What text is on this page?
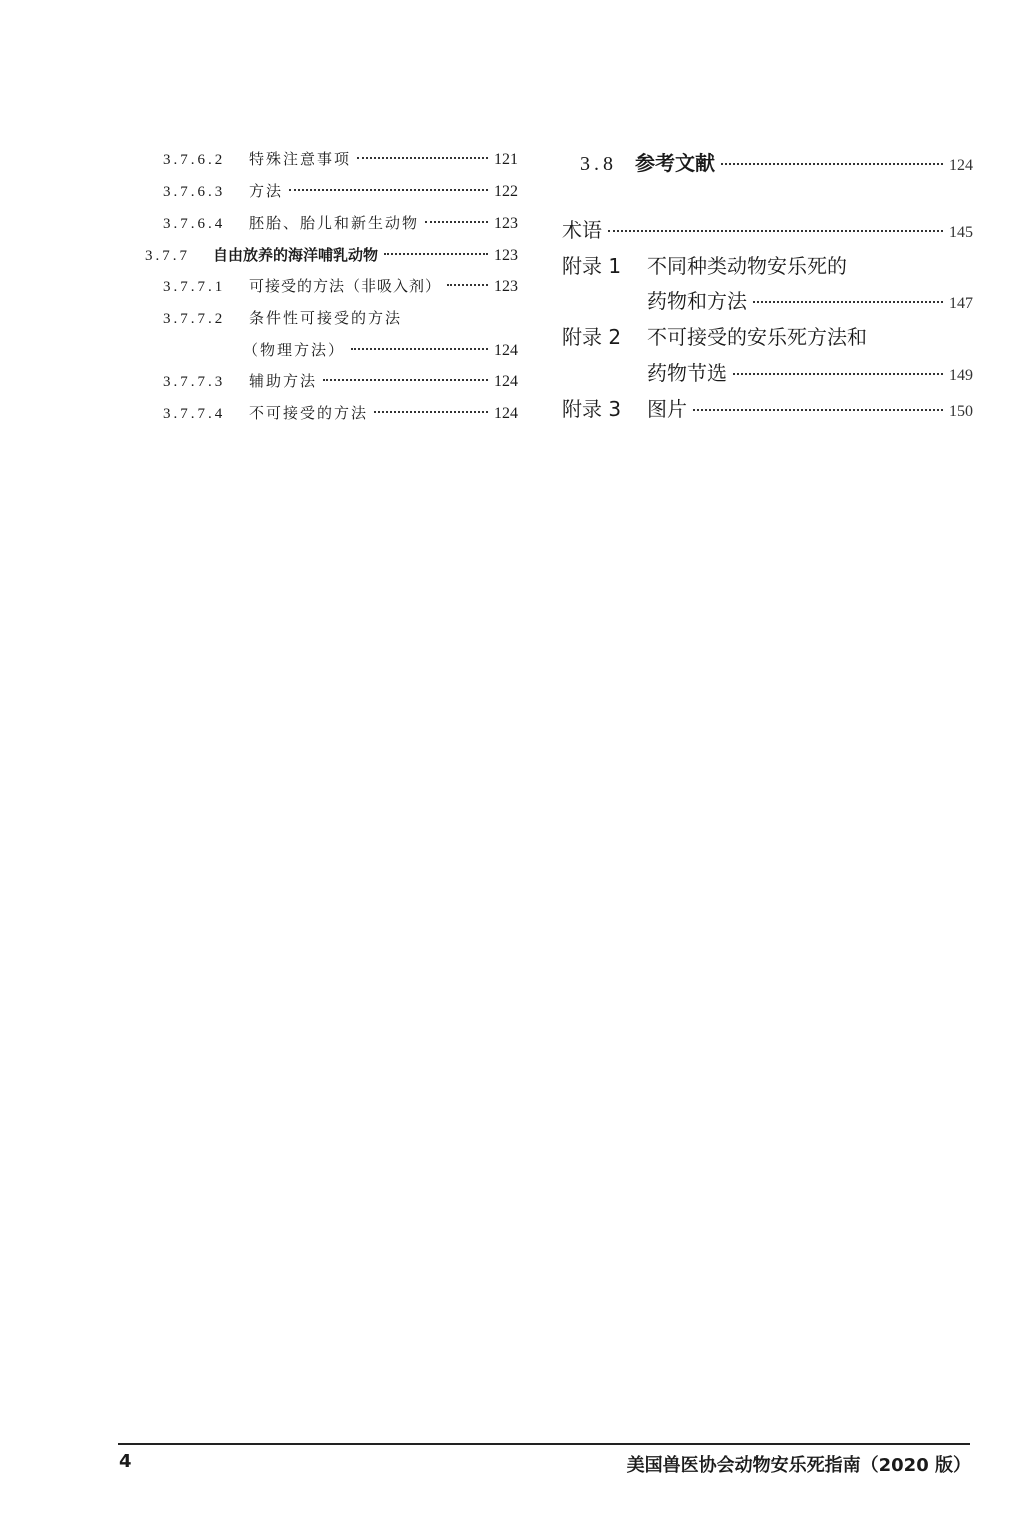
3.7.6.2	特殊注意事项	121
3.7.6.3	方法	122
3.7.6.4	胚胎、胎儿和新生动物	123
3.7.7	自由放养的海洋哺乳动物	123
3.7.7.1	可接受的方法（非吸入剂）	123
3.7.7.2	条件性可接受的方法
（物理方法）	124
3.7.7.3	辅助方法	124
3.7.7.4	不可接受的方法	124
3.8 参考文献	124
术语	145
附录 1	不同种类动物安乐死的
药物和方法	147
附录 2	不可接受的安乐死方法和
药物节选	149
附录 3	图片	150
4	美国兽医协会动物安乐死指南（2020 版）
